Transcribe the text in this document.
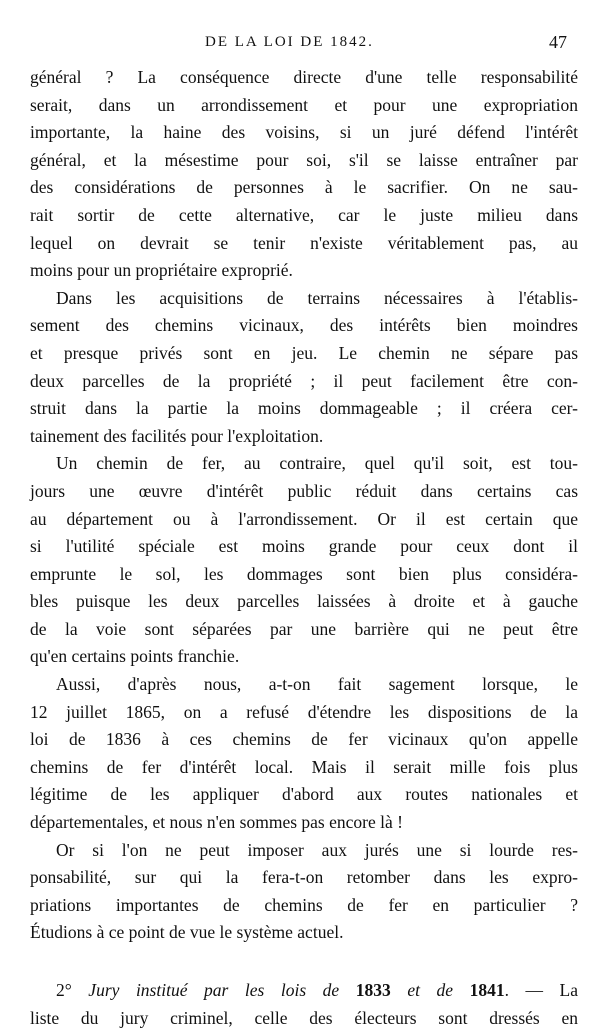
DE LA LOI DE 1842.	47
général ? La conséquence directe d'une telle responsabilité
serait, dans un arrondissement et pour une expropriation
importante, la haine des voisins, si un juré défend l'intérêt
général, et la mésestime pour soi, s'il se laisse entraîner par
des considérations de personnes à le sacrifier. On ne sau-
rait sortir de cette alternative, car le juste milieu dans
lequel on devrait se tenir n'existe véritablement pas, au
moins pour un propriétaire exproprié.
Dans les acquisitions de terrains nécessaires à l'établis-
sement des chemins vicinaux, des intérêts bien moindres
et presque privés sont en jeu. Le chemin ne sépare pas
deux parcelles de la propriété ; il peut facilement être con-
struit dans la partie la moins dommageable ; il créera cer-
tainement des facilités pour l'exploitation.
Un chemin de fer, au contraire, quel qu'il soit, est tou-
jours une œuvre d'intérêt public réduit dans certains cas
au département ou à l'arrondissement. Or il est certain que
si l'utilité spéciale est moins grande pour ceux dont il
emprunte le sol, les dommages sont bien plus considéra-
bles puisque les deux parcelles laissées à droite et à gauche
de la voie sont séparées par une barrière qui ne peut être
qu'en certains points franchie.
Aussi, d'après nous, a-t-on fait sagement lorsque, le
12 juillet 1865, on a refusé d'étendre les dispositions de la
loi de 1836 à ces chemins de fer vicinaux qu'on appelle
chemins de fer d'intérêt local. Mais il serait mille fois plus
légitime de les appliquer d'abord aux routes nationales et
départementales, et nous n'en sommes pas encore là !
Or si l'on ne peut imposer aux jurés une si lourde res-
ponsabilité, sur qui la fera-t-on retomber dans les expro-
priations importantes de chemins de fer en particulier ?
Étudions à ce point de vue le système actuel.
2° Jury institué par les lois de 1833 et de 1841. — La
liste du jury criminel, celle des électeurs sont dressés en
